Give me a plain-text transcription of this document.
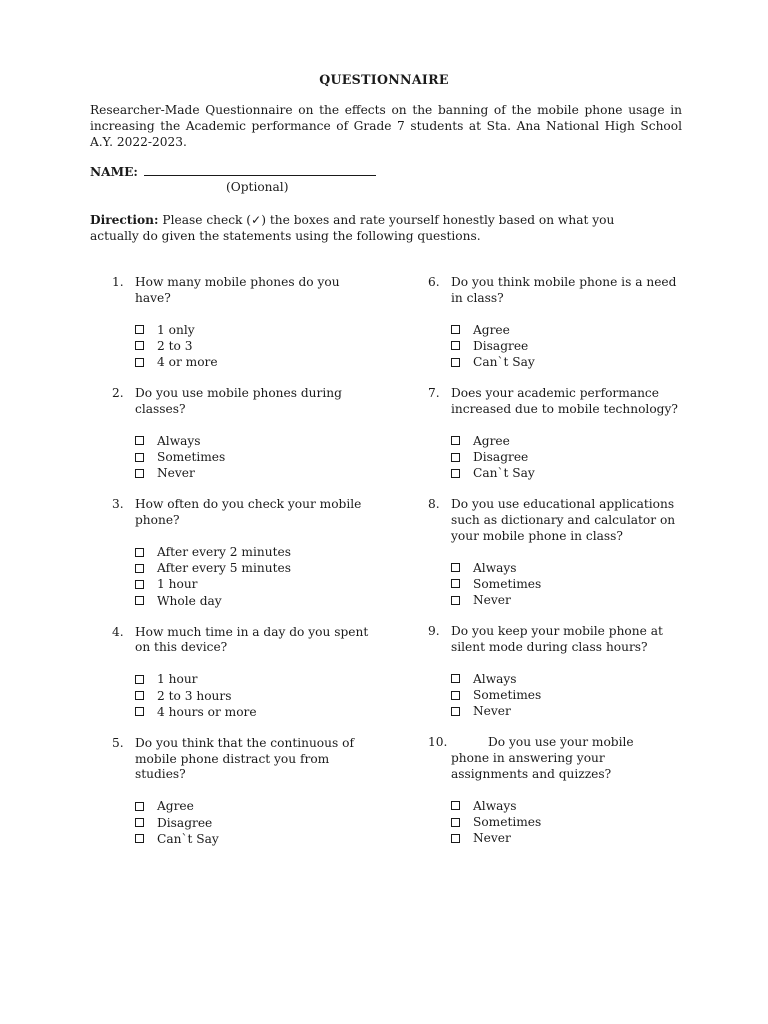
QUESTIONNAIRE
Researcher-Made Questionnaire on the effects on the banning of the mobile phone usage in increasing the Academic performance of Grade 7 students at Sta. Ana National High School A.Y. 2022-2023.
NAME:
(Optional)
Direction: Please check (✓) the boxes and rate yourself honestly based on what you actually do given the statements using the following questions.
1. How many mobile phones do you have?
1 only
2 to 3
4 or more
2. Do you use mobile phones during classes?
Always
Sometimes
Never
3. How often do you check your mobile phone?
After every 2 minutes
After every 5 minutes
1 hour
Whole day
4. How much time in a day do you spent on this device?
1 hour
2 to 3 hours
4 hours or more
5. Do you think that the continuous of mobile phone distract you from studies?
Agree
Disagree
Can`t Say
6. Do you think mobile phone is a need in class?
Agree
Disagree
Can`t Say
7. Does your academic performance increased due to mobile technology?
Agree
Disagree
Can`t Say
8. Do you use educational applications such as dictionary and calculator on your mobile phone in class?
Always
Sometimes
Never
9. Do you keep your mobile phone at silent mode during class hours?
Always
Sometimes
Never
10.	Do you use your mobile
phone in answering your assignments and quizzes?
Always
Sometimes
Never
